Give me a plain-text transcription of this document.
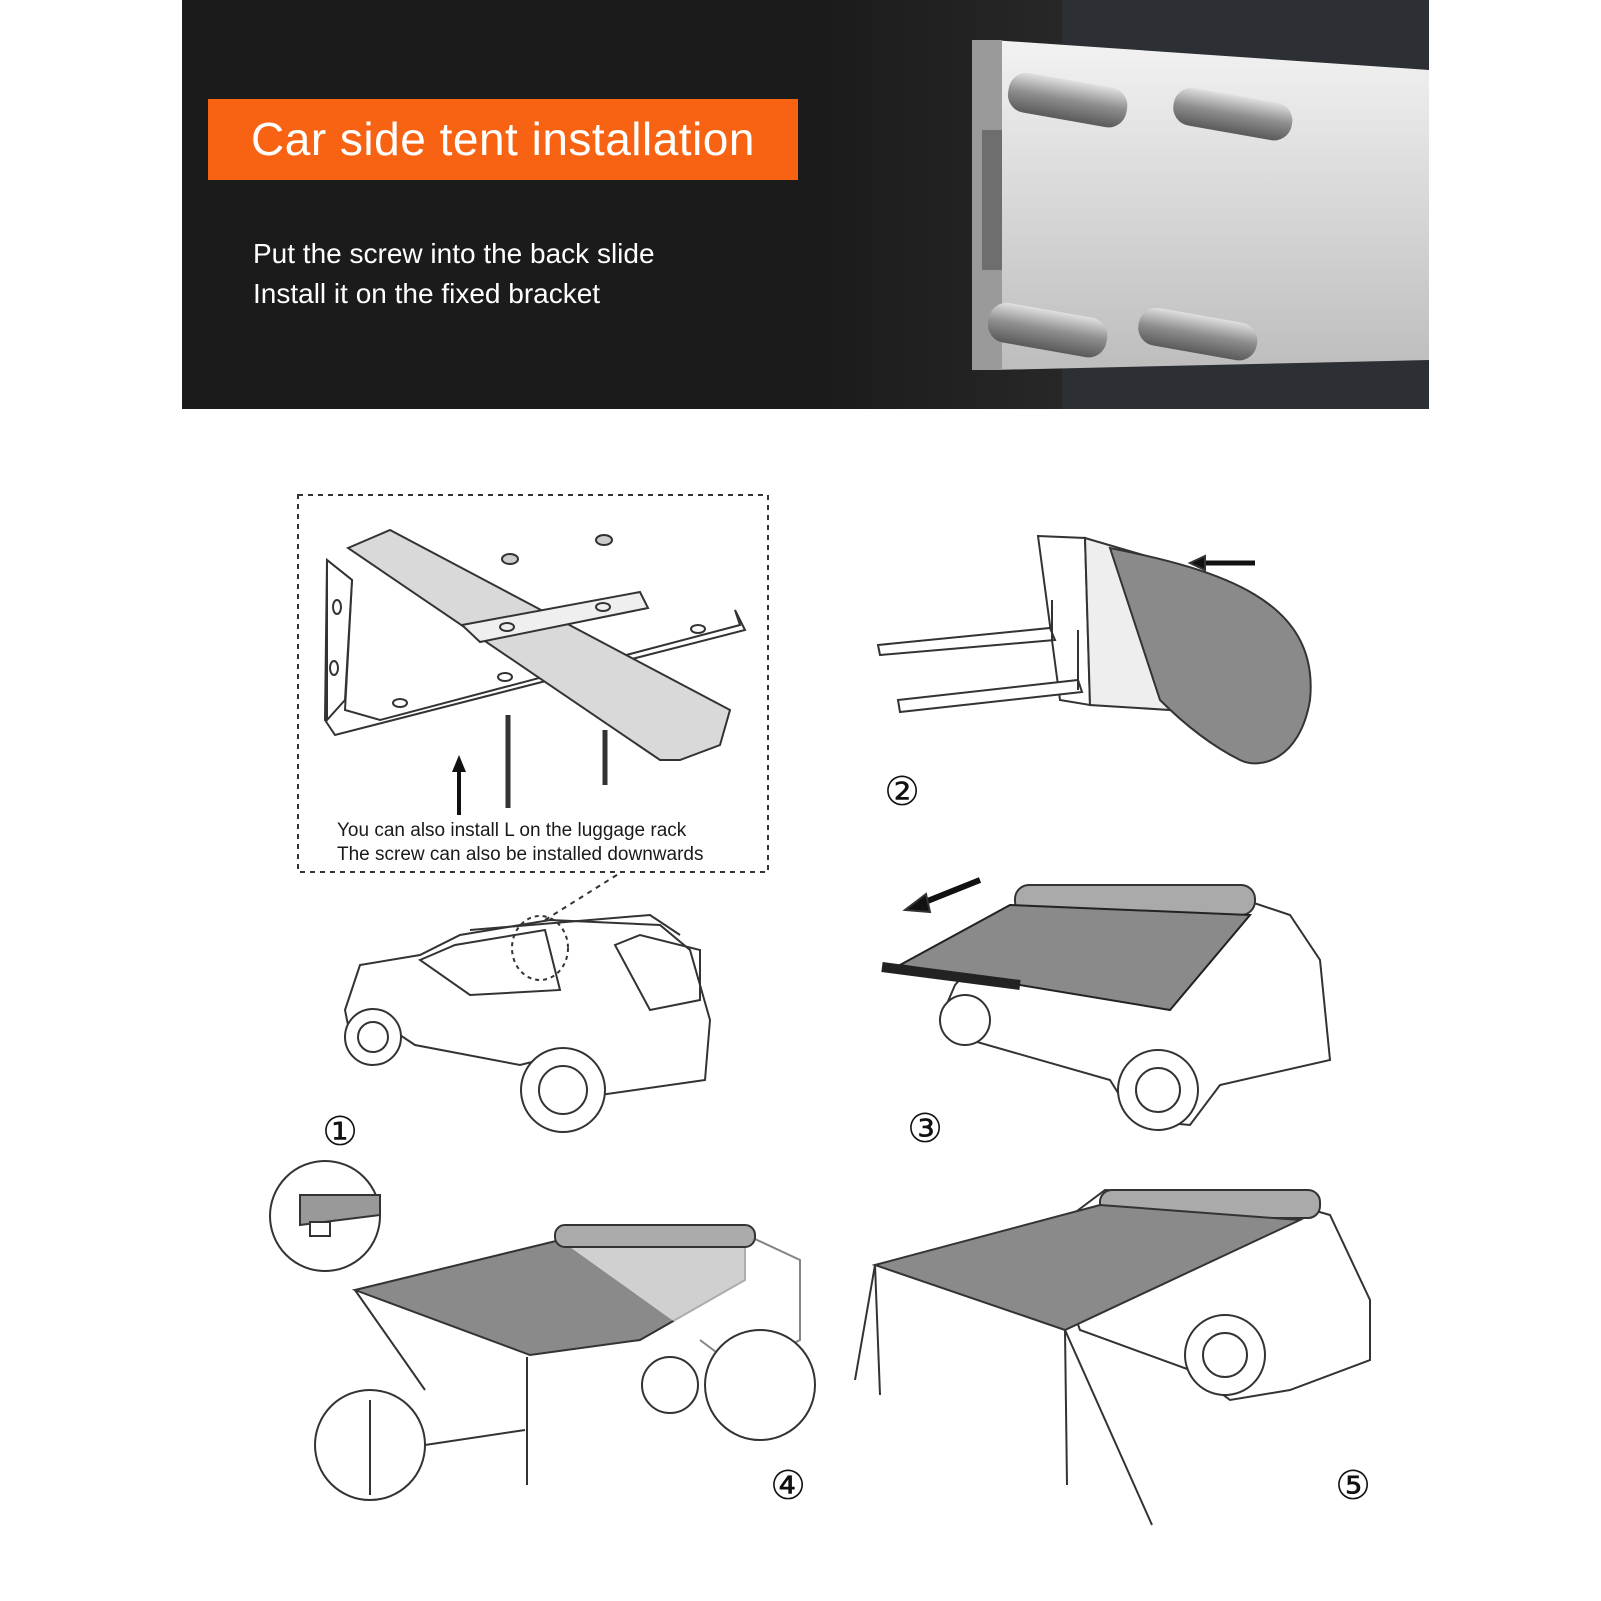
Car side tent installation
Put the screw into the back slide
Install it on the fixed bracket
You can also install L on the luggage rack
The screw can also be installed downwards
①
②
③
④	⑤
